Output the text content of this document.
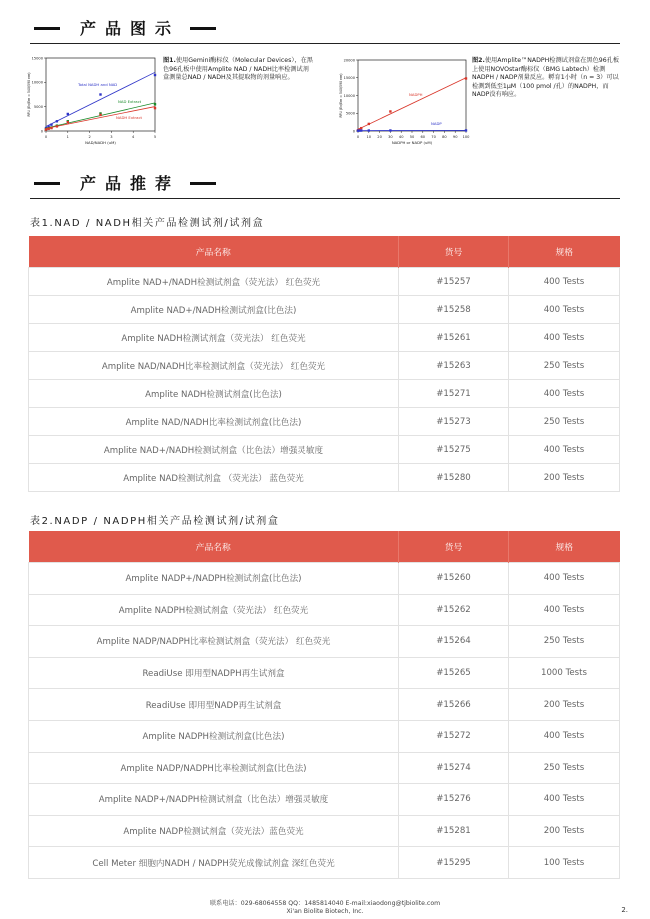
产品图示
0	1	2	3	4	5
0
5000
10000
15000
NAD/NADH (uM)
RFU (Ex/Em = 540/590 nm)	Total NADH and NAD
NAD Extract
NADH Extract
图1.使用Gemini酶标仪（Molecular Devices），在黑色96孔板中使用Amplite NAD / NADH比率检测试剂盒测量总NAD / NADH及其提取物的剂量响应。
0 10 20 30 40 50 60 70 80 90 100
0
5000
10000
15000
20000
NADPH or NADP (uM)
RFU (Ex/Em = 540/590 nm)	NADPH
NADP
图2.使用Amplite™NADPH检测试剂盒在黑色96孔板上使用NOVOstar酶标仪（BMG Labtech）检测NADPH / NADP剂量反应。孵育1小时（n = 3）可以检测到低至1μM（100 pmol /孔）的NADPH，而NADP没有响应。
产品推荐
表1.NAD / NADH相关产品检测试剂/试剂盒
产品名称	货号	规格
Amplite NAD+/NADH检测试剂盒（荧光法） 红色荧光	#15257	400 Tests
Amplite NAD+/NADH检测试剂盒(比色法)	#15258	400 Tests
Amplite NADH检测试剂盒（荧光法） 红色荧光	#15261	400 Tests
Amplite NAD/NADH比率检测试剂盒（荧光法） 红色荧光	#15263	250 Tests
Amplite NADH检测试剂盒(比色法)	#15271	400 Tests
Amplite NAD/NADH比率检测试剂盒(比色法)	#15273	250 Tests
Amplite NAD+/NADH检测试剂盒（比色法）增强灵敏度	#15275	400 Tests
Amplite NAD检测试剂盒 （荧光法） 蓝色荧光	#15280	200 Tests
表2.NADP / NADPH相关产品检测试剂/试剂盒
产品名称	货号	规格
Amplite NADP+/NADPH检测试剂盒(比色法)	#15260	400 Tests
Amplite NADPH检测试剂盒（荧光法） 红色荧光	#15262	400 Tests
Amplite NADP/NADPH比率检测试剂盒（荧光法） 红色荧光	#15264	250 Tests
ReadiUse 即用型NADPH再生试剂盒	#15265	1000 Tests
ReadiUse 即用型NADP再生试剂盒	#15266	200 Tests
Amplite NADPH检测试剂盒(比色法)	#15272	400 Tests
Amplite NADP/NADPH比率检测试剂盒(比色法)	#15274	250 Tests
Amplite NADP+/NADPH检测试剂盒（比色法）增强灵敏度	#15276	400 Tests
Amplite NADP检测试剂盒（荧光法）蓝色荧光	#15281	200 Tests
Cell Meter 细胞内NADH / NADPH荧光成像试剂盒 深红色荧光	#15295	100 Tests
联系电话：029-68064558 QQ：1485814040 E-mail:xiaodong@tjbiolite.com
Xi'an Biolite Biotech, Inc.	2.
